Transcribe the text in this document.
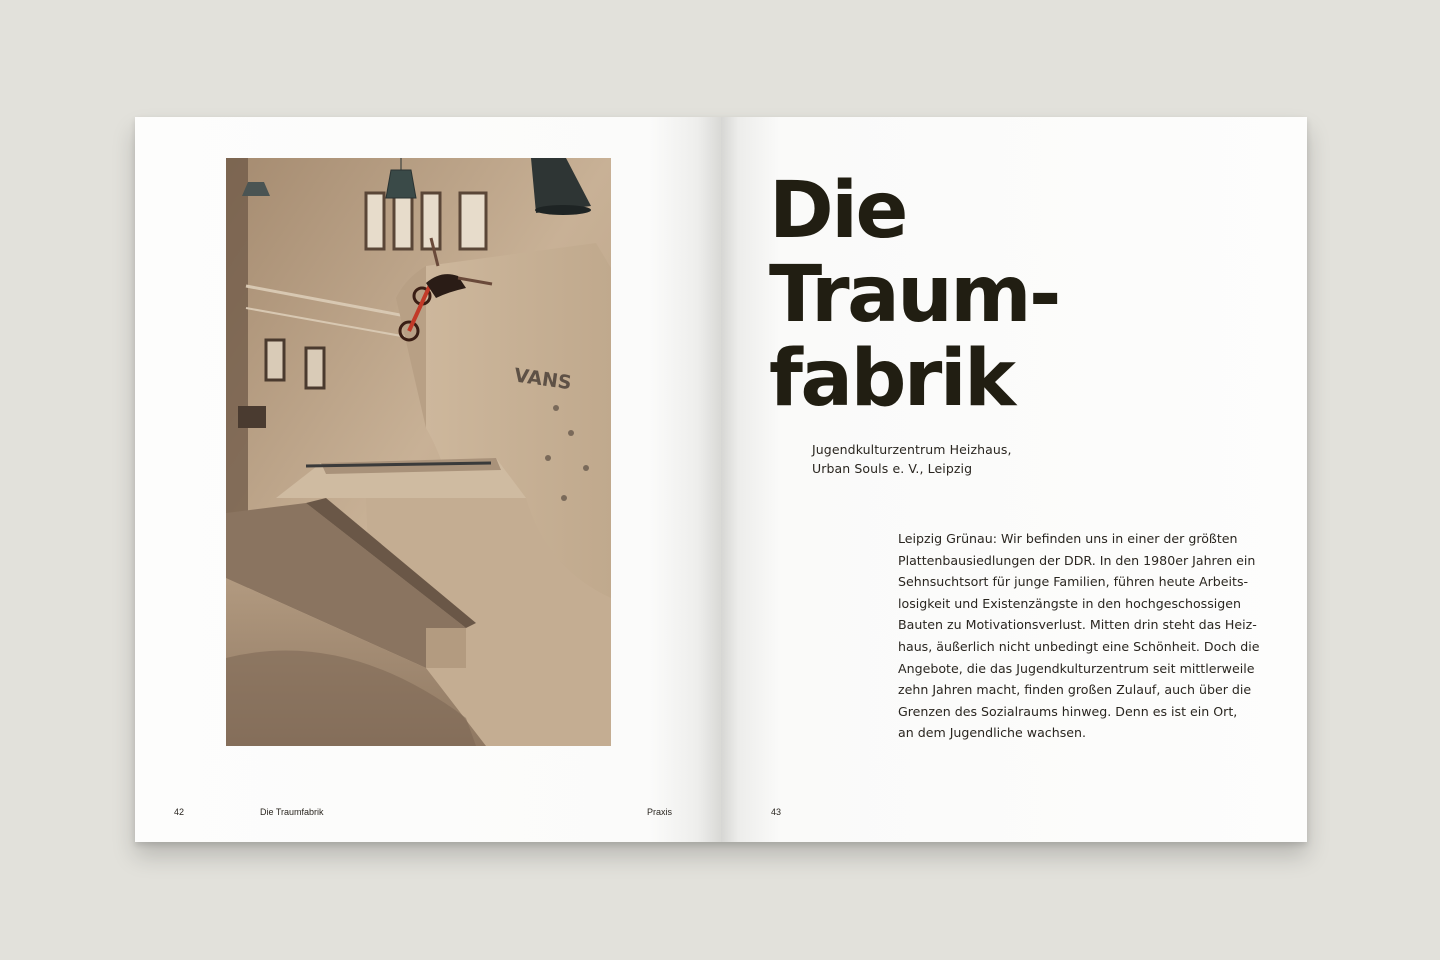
VANS
42	Die Traumfabrik	Praxis
Die
Traum-
fabrik
Jugendkulturzentrum Heizhaus,
Urban Souls e. V., Leipzig
Leipzig Grünau: Wir befinden uns in einer der größten
Plattenbausiedlungen der DDR. In den 1980er Jahren ein
Sehnsuchtsort für junge Familien, führen heute Arbeits-
losigkeit und Existenzängste in den hochgeschossigen
Bauten zu Motivationsverlust. Mitten drin steht das Heiz-
haus, äußerlich nicht unbedingt eine Schönheit. Doch die
Angebote, die das Jugendkulturzentrum seit mittlerweile
zehn Jahren macht, finden großen Zulauf, auch über die
Grenzen des Sozialraums hinweg. Denn es ist ein Ort,
an dem Jugendliche wachsen.
43
